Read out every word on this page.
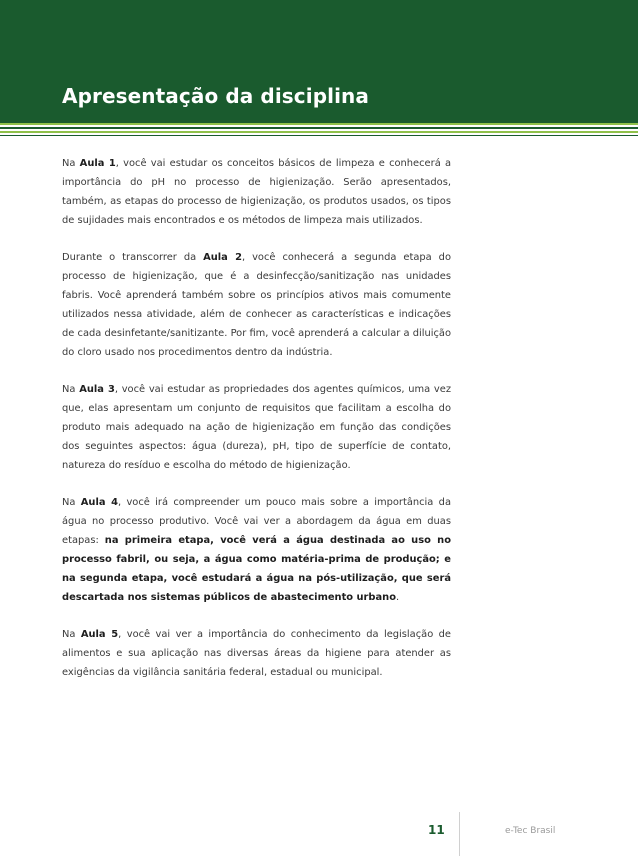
Apresentação da disciplina

Na Aula 1, você vai estudar os conceitos básicos de limpeza e conhecerá a importância do pH no processo de higienização. Serão apresentados, também, as etapas do processo de higienização, os produtos usados, os tipos de sujidades mais encontrados e os métodos de limpeza mais utilizados.

Durante o transcorrer da Aula 2, você conhecerá a segunda etapa do processo de higienização, que é a desinfecção/sanitização nas unidades fabris. Você aprenderá também sobre os princípios ativos mais comumente utilizados nessa atividade, além de conhecer as características e indicações de cada desinfetante/sanitizante. Por fim, você aprenderá a calcular a diluição do cloro usado nos procedimentos dentro da indústria.

Na Aula 3, você vai estudar as propriedades dos agentes químicos, uma vez que, elas apresentam um conjunto de requisitos que facilitam a escolha do produto mais adequado na ação de higienização em função das condições dos seguintes aspectos: água (dureza), pH, tipo de superfície de contato, natureza do resíduo e escolha do método de higienização.

Na Aula 4, você irá compreender um pouco mais sobre a importância da água no processo produtivo. Você vai ver a abordagem da água em duas etapas: na primeira etapa, você verá a água destinada ao uso no processo fabril, ou seja, a água como matéria-prima de produção; e na segunda etapa, você estudará a água na pós-utilização, que será descartada nos sistemas públicos de abastecimento urbano.

Na Aula 5, você vai ver a importância do conhecimento da legislação de alimentos e sua aplicação nas diversas áreas da higiene para atender as exigências da vigilância sanitária federal, estadual ou municipal.

11	e-Tec Brasil
